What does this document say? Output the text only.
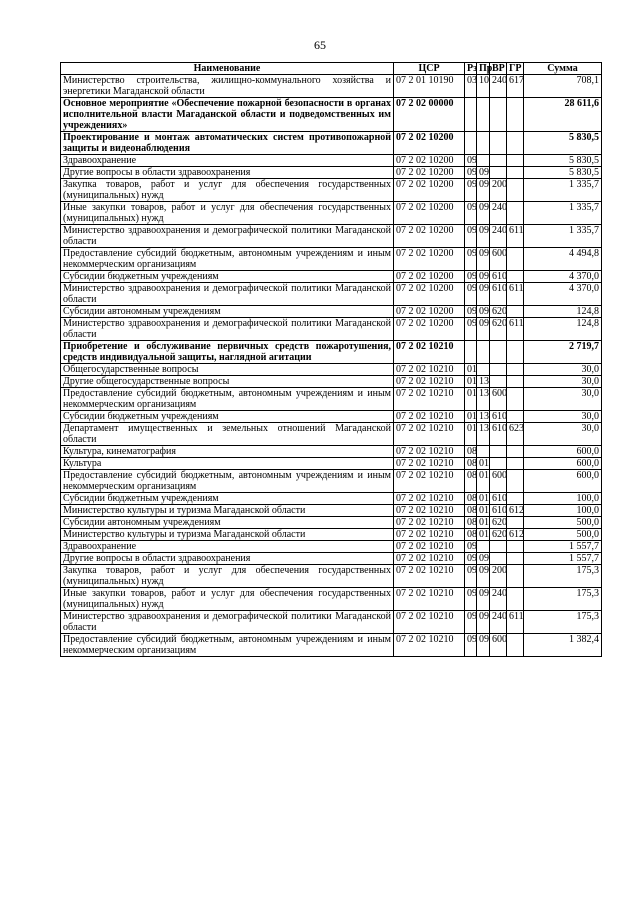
65
Наименование	ЦСР	Рз	Пр	ВР	ГР	Сумма
Министерство строительства, жилищно-коммунального хозяйства и энергетики Магаданской области	07 2 01 10190	03	10	240	617	708,1
Основное мероприятие «Обеспечение пожарной безопасности в органах исполнительной власти Магаданской области и подведомственных им учреждениях»	07 2 02 00000					28 611,6
Проектирование и монтаж автоматических систем противопожарной защиты и видеонаблюдения	07 2 02 10200					5 830,5
Здравоохранение	07 2 02 10200	09				5 830,5
Другие вопросы в области здравоохранения	07 2 02 10200	09	09			5 830,5
Закупка товаров, работ и услуг для обеспечения государственных (муниципальных) нужд	07 2 02 10200	09	09	200		1 335,7
Иные закупки товаров, работ и услуг для обеспечения государственных (муниципальных) нужд	07 2 02 10200	09	09	240		1 335,7
Министерство здравоохранения и демографической политики Магаданской области	07 2 02 10200	09	09	240	611	1 335,7
Предоставление субсидий бюджетным, автономным учреждениям и иным некоммерческим организациям	07 2 02 10200	09	09	600		4 494,8
Субсидии бюджетным учреждениям	07 2 02 10200	09	09	610		4 370,0
Министерство здравоохранения и демографической политики Магаданской области	07 2 02 10200	09	09	610	611	4 370,0
Субсидии автономным учреждениям	07 2 02 10200	09	09	620		124,8
Министерство здравоохранения и демографической политики Магаданской области	07 2 02 10200	09	09	620	611	124,8
Приобретение и обслуживание первичных средств пожаротушения, средств индивидуальной защиты, наглядной агитации	07 2 02 10210					2 719,7
Общегосударственные вопросы	07 2 02 10210	01				30,0
Другие общегосударственные вопросы	07 2 02 10210	01	13			30,0
Предоставление субсидий бюджетным, автономным учреждениям и иным некоммерческим организациям	07 2 02 10210	01	13	600		30,0
Субсидии бюджетным учреждениям	07 2 02 10210	01	13	610		30,0
Департамент имущественных и земельных отношений Магаданской области	07 2 02 10210	01	13	610	623	30,0
Культура, кинематография	07 2 02 10210	08				600,0
Культура	07 2 02 10210	08	01			600,0
Предоставление субсидий бюджетным, автономным учреждениям и иным некоммерческим организациям	07 2 02 10210	08	01	600		600,0
Субсидии бюджетным учреждениям	07 2 02 10210	08	01	610		100,0
Министерство культуры и туризма Магаданской области	07 2 02 10210	08	01	610	612	100,0
Субсидии автономным учреждениям	07 2 02 10210	08	01	620		500,0
Министерство культуры и туризма Магаданской области	07 2 02 10210	08	01	620	612	500,0
Здравоохранение	07 2 02 10210	09				1 557,7
Другие вопросы в области здравоохранения	07 2 02 10210	09	09			1 557,7
Закупка товаров, работ и услуг для обеспечения государственных (муниципальных) нужд	07 2 02 10210	09	09	200		175,3
Иные закупки товаров, работ и услуг для обеспечения государственных (муниципальных) нужд	07 2 02 10210	09	09	240		175,3
Министерство здравоохранения и демографической политики Магаданской области	07 2 02 10210	09	09	240	611	175,3
Предоставление субсидий бюджетным, автономным учреждениям и иным некоммерческим организациям	07 2 02 10210	09	09	600		1 382,4
